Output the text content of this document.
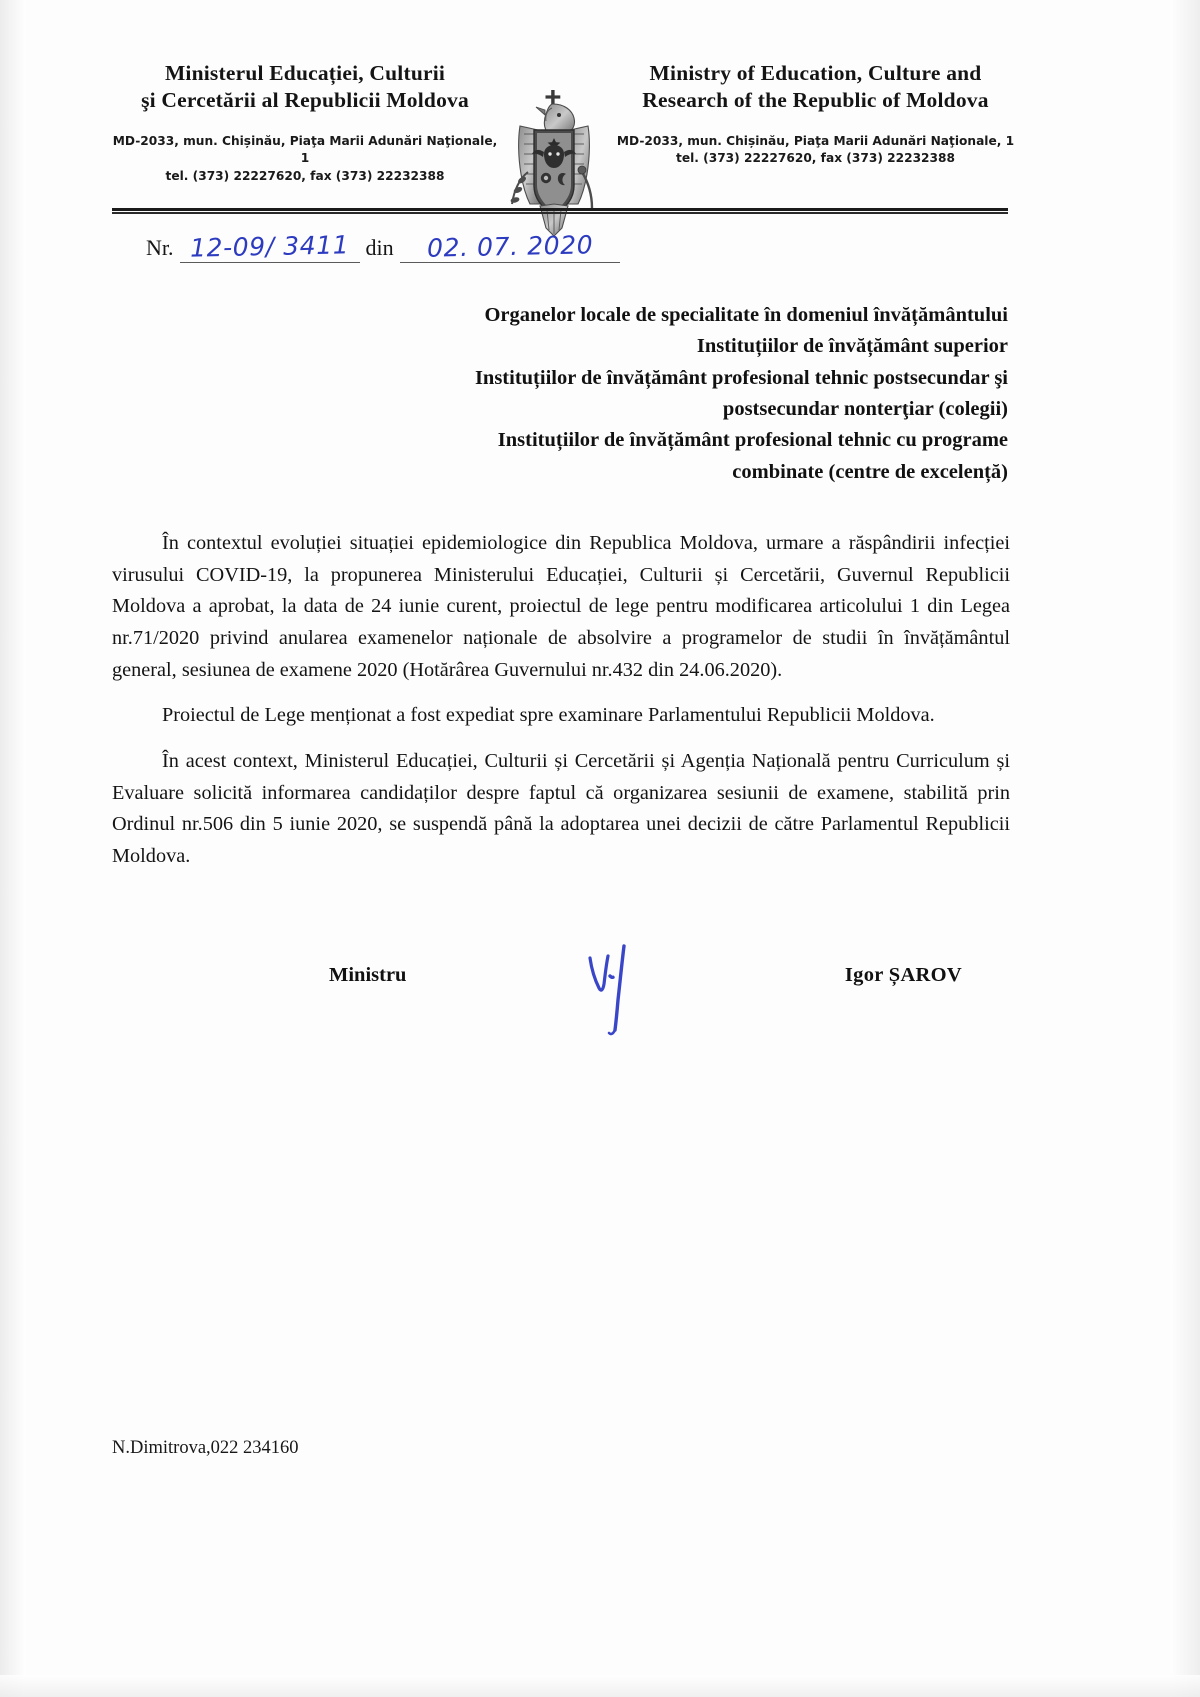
Ministerul Educației, Culturii
şi Cercetării al Republicii Moldova
MD-2033, mun. Chișinău, Piaţa Marii Adunări Naţionale, 1
tel. (373) 22227620, fax (373) 22232388
Ministry of Education, Culture and
Research of the Republic of Moldova
MD-2033, mun. Chișinău, Piaţa Marii Adunări Naţionale, 1
tel. (373) 22227620, fax (373) 22232388
Nr. 12-09/ 3411 din	02. 07. 2020
Organelor locale de specialitate în domeniul învățământului
Instituțiilor de învățământ superior
Instituțiilor de învățământ profesional tehnic postsecundar şi
postsecundar nonterţiar (colegii)
Instituțiilor de învățământ profesional tehnic cu programe
combinate (centre de excelență)

În contextul evoluției situației epidemiologice din Republica Moldova, urmare a răspândirii infecției virusului COVID-19, la propunerea Ministerului Educației, Culturii și Cercetării, Guvernul Republicii Moldova a aprobat, la data de 24 iunie curent, proiectul de lege pentru modificarea articolului 1 din Legea nr.71/2020 privind anularea examenelor naționale de absolvire a programelor de studii în învățământul general, sesiunea de examene 2020 (Hotărârea Guvernului nr.432 din 24.06.2020).

Proiectul de Lege menționat a fost expediat spre examinare Parlamentului Republicii Moldova.

În acest context, Ministerul Educației, Culturii și Cercetării și Agenția Națională pentru Curriculum și Evaluare solicită informarea candidaților despre faptul că organizarea sesiunii de examene, stabilită prin Ordinul nr.506 din 5 iunie 2020, se suspendă până la adoptarea unei decizii de către Parlamentul Republicii Moldova.

Ministru	Igor ȘAROV
N.Dimitrova,022 234160
